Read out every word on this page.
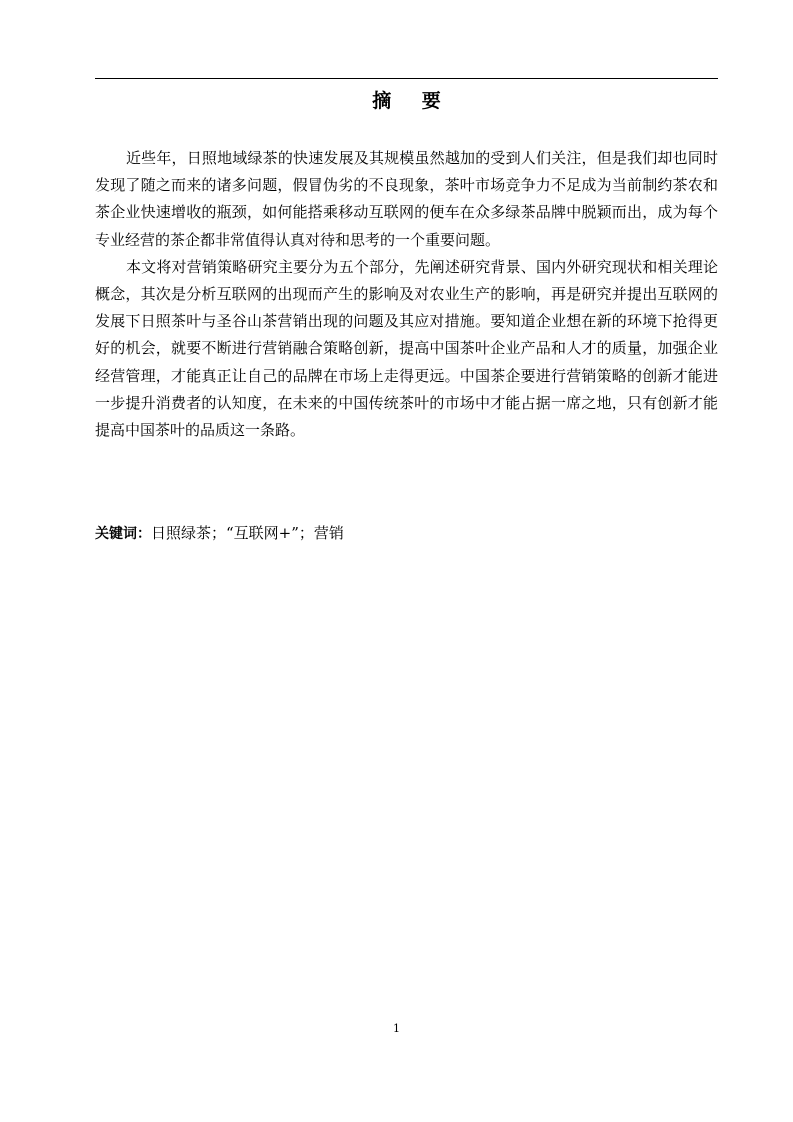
摘 要

近些年，日照地域绿茶的快速发展及其规模虽然越加的受到人们关注，但是我们却也同时发现了随之而来的诸多问题，假冒伪劣的不良现象，茶叶市场竞争力不足成为当前制约茶农和茶企业快速增收的瓶颈，如何能搭乘移动互联网的便车在众多绿茶品牌中脱颖而出，成为每个专业经营的茶企都非常值得认真对待和思考的一个重要问题。

本文将对营销策略研究主要分为五个部分，先阐述研究背景、国内外研究现状和相关理论概念，其次是分析互联网的出现而产生的影响及对农业生产的影响，再是研究并提出互联网的发展下日照茶叶与圣谷山茶营销出现的问题及其应对措施。要知道企业想在新的环境下抢得更好的机会，就要不断进行营销融合策略创新，提高中国茶叶企业产品和人才的质量，加强企业经营管理，才能真正让自己的品牌在市场上走得更远。中国茶企要进行营销策略的创新才能进一步提升消费者的认知度，在未来的中国传统茶叶的市场中才能占据一席之地，只有创新才能提高中国茶叶的品质这一条路。

关键词：日照绿茶；“互联网+”；营销
1
